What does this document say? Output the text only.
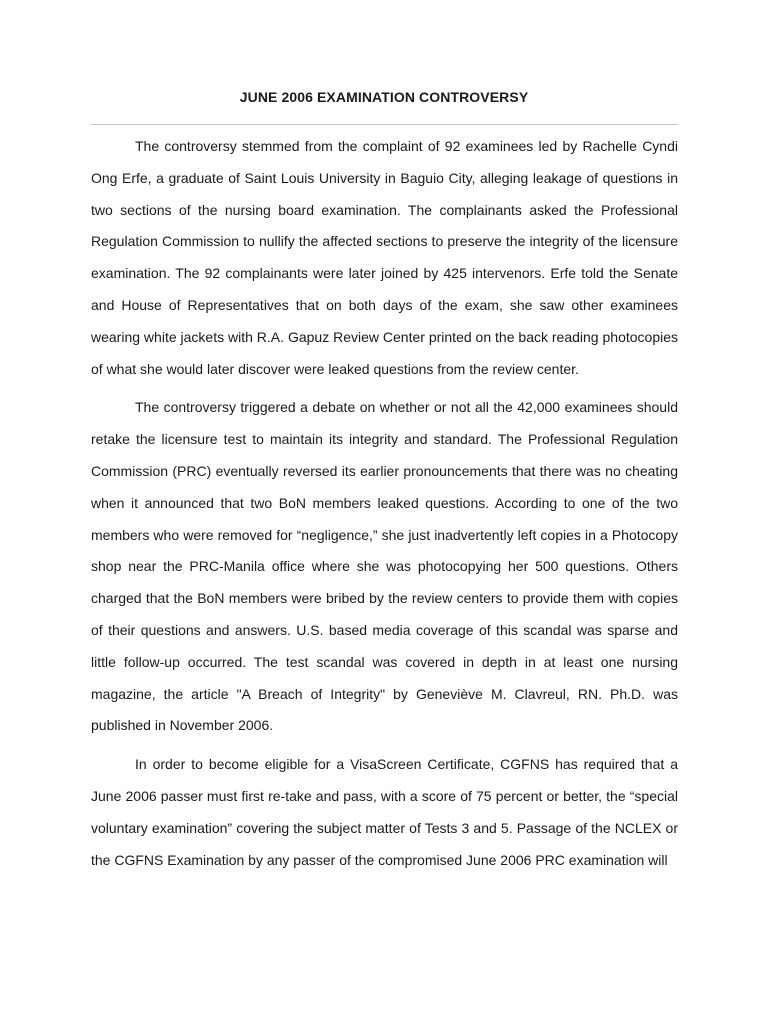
JUNE 2006 EXAMINATION CONTROVERSY

The controversy stemmed from the complaint of 92 examinees led by Rachelle Cyndi Ong Erfe, a graduate of Saint Louis University in Baguio City, alleging leakage of questions in two sections of the nursing board examination. The complainants asked the Professional Regulation Commission to nullify the affected sections to preserve the integrity of the licensure examination. The 92 complainants were later joined by 425 intervenors. Erfe told the Senate and House of Representatives that on both days of the exam, she saw other examinees wearing white jackets with R.A. Gapuz Review Center printed on the back reading photocopies of what she would later discover were leaked questions from the review center.

The controversy triggered a debate on whether or not all the 42,000 examinees should retake the licensure test to maintain its integrity and standard. The Professional Regulation Commission (PRC) eventually reversed its earlier pronouncements that there was no cheating when it announced that two BoN members leaked questions. According to one of the two members who were removed for “negligence,” she just inadvertently left copies in a Photocopy shop near the PRC-Manila office where she was photocopying her 500 questions. Others charged that the BoN members were bribed by the review centers to provide them with copies of their questions and answers. U.S. based media coverage of this scandal was sparse and little follow-up occurred. The test scandal was covered in depth in at least one nursing magazine, the article "A Breach of Integrity" by Geneviève M. Clavreul, RN. Ph.D. was published in November 2006.

In order to become eligible for a VisaScreen Certificate, CGFNS has required that a June 2006 passer must first re-take and pass, with a score of 75 percent or better, the “special voluntary examination” covering the subject matter of Tests 3 and 5. Passage of the NCLEX or the CGFNS Examination by any passer of the compromised June 2006 PRC examination will
